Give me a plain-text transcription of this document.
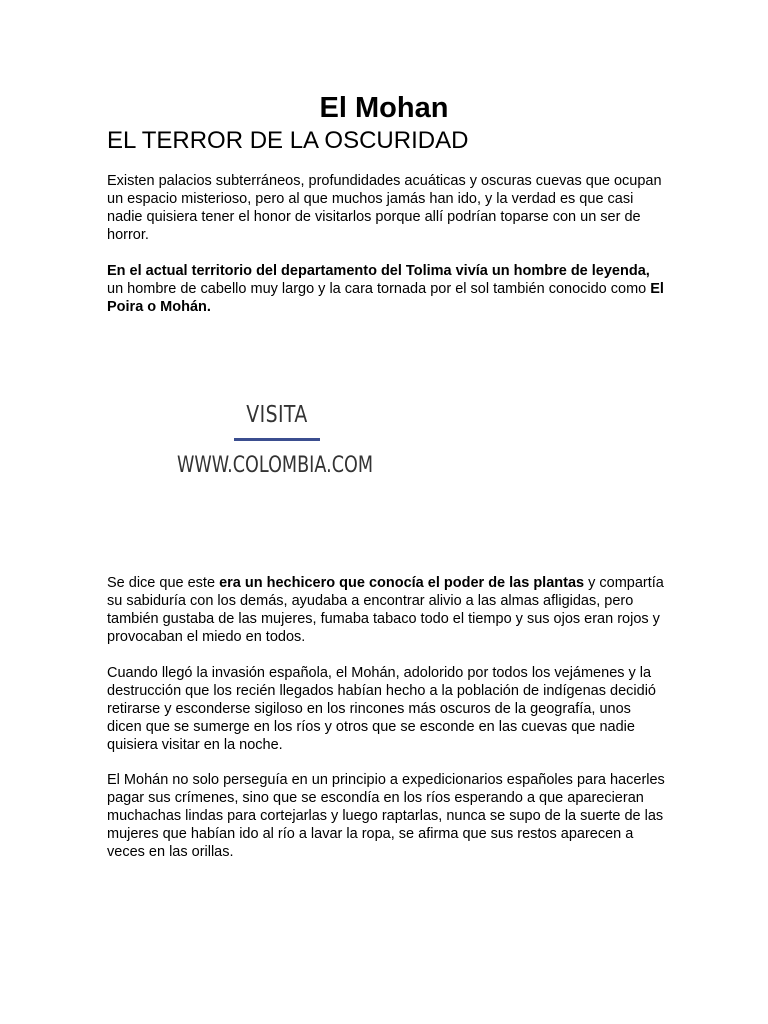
El Mohan
EL TERROR DE LA OSCURIDAD

Existen palacios subterráneos, profundidades acuáticas y oscuras cuevas que ocupan un espacio misterioso, pero al que muchos jamás han ido, y la verdad es que casi nadie quisiera tener el honor de visitarlos porque allí podrían toparse con un ser de horror.

En el actual territorio del departamento del Tolima vivía un hombre de leyenda, un hombre de cabello muy largo y la cara tornada por el sol también conocido como El Poira o Mohán.

VISITA
WWW.COLOMBIA.COM

Se dice que este era un hechicero que conocía el poder de las plantas y compartía su sabiduría con los demás, ayudaba a encontrar alivio a las almas afligidas, pero también gustaba de las mujeres, fumaba tabaco todo el tiempo y sus ojos eran rojos y provocaban el miedo en todos.

Cuando llegó la invasión española, el Mohán, adolorido por todos los vejámenes y la destrucción que los recién llegados habían hecho a la población de indígenas decidió retirarse y esconderse sigiloso en los rincones más oscuros de la geografía, unos dicen que se sumerge en los ríos y otros que se esconde en las cuevas que nadie quisiera visitar en la noche.

El Mohán no solo perseguía en un principio a expedicionarios españoles para hacerles pagar sus crímenes, sino que se escondía en los ríos esperando a que aparecieran muchachas lindas para cortejarlas y luego raptarlas, nunca se supo de la suerte de las mujeres que habían ido al río a lavar la ropa, se afirma que sus restos aparecen a veces en las orillas.
